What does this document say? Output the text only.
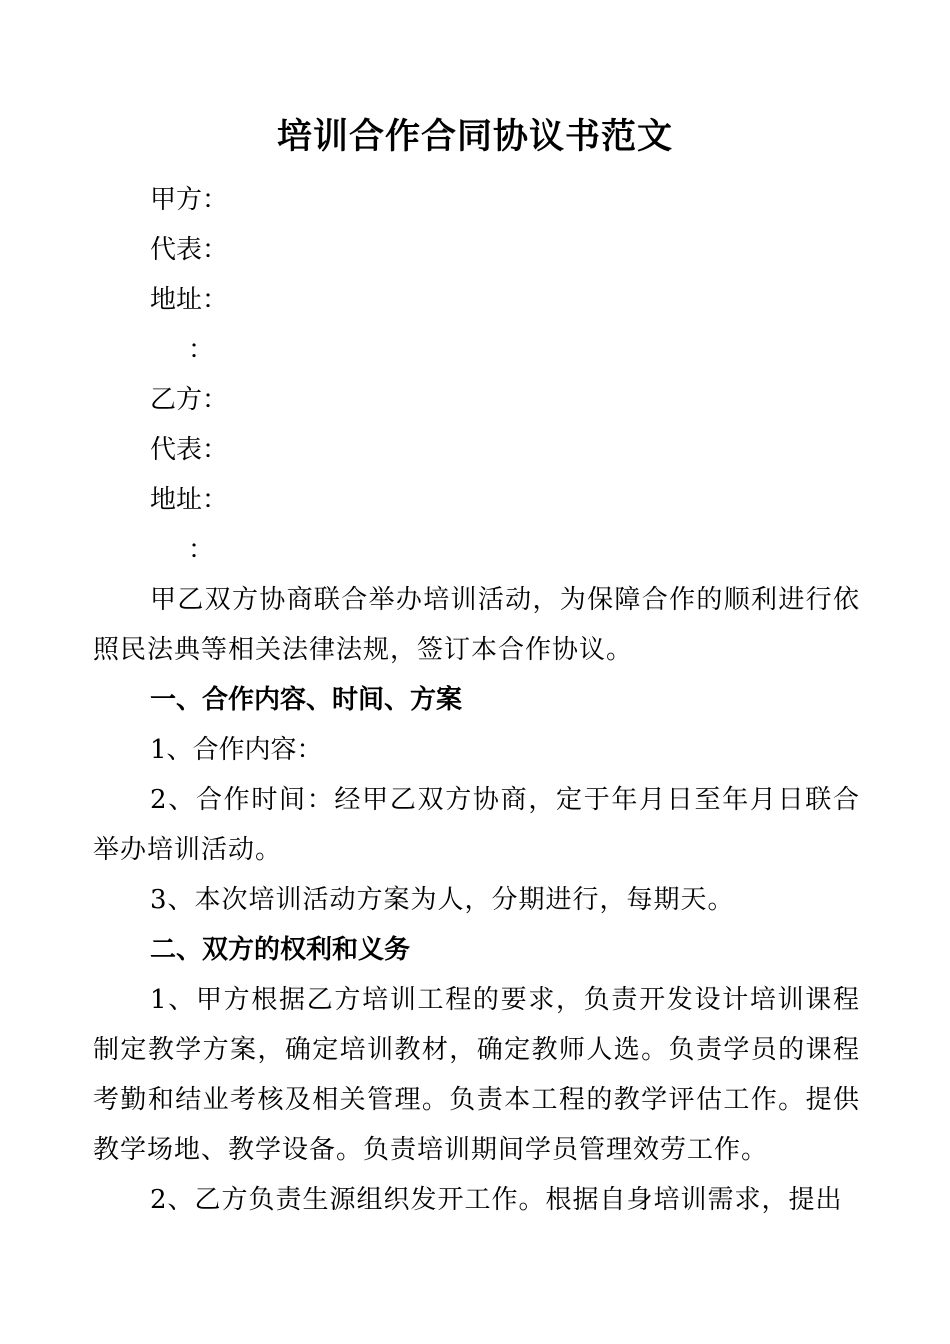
培训合作合同协议书范文
甲方：
代表：
地址：
：
乙方：
代表：
地址：
：
甲乙双方协商联合举办培训活动，为保障合作的顺利进行依照民法典等相关法律法规，签订本合作协议。
一、合作内容、时间、方案
1、合作内容：
2、合作时间：经甲乙双方协商，定于年月日至年月日联合举办培训活动。
3、本次培训活动方案为人，分期进行，每期天。
二、双方的权利和义务
1、甲方根据乙方培训工程的要求，负责开发设计培训课程制定教学方案，确定培训教材，确定教师人选。负责学员的课程考勤和结业考核及相关管理。负责本工程的教学评估工作。提供教学场地、教学设备。负责培训期间学员管理效劳工作。
2、乙方负责生源组织发开工作。根据自身培训需求，提出
